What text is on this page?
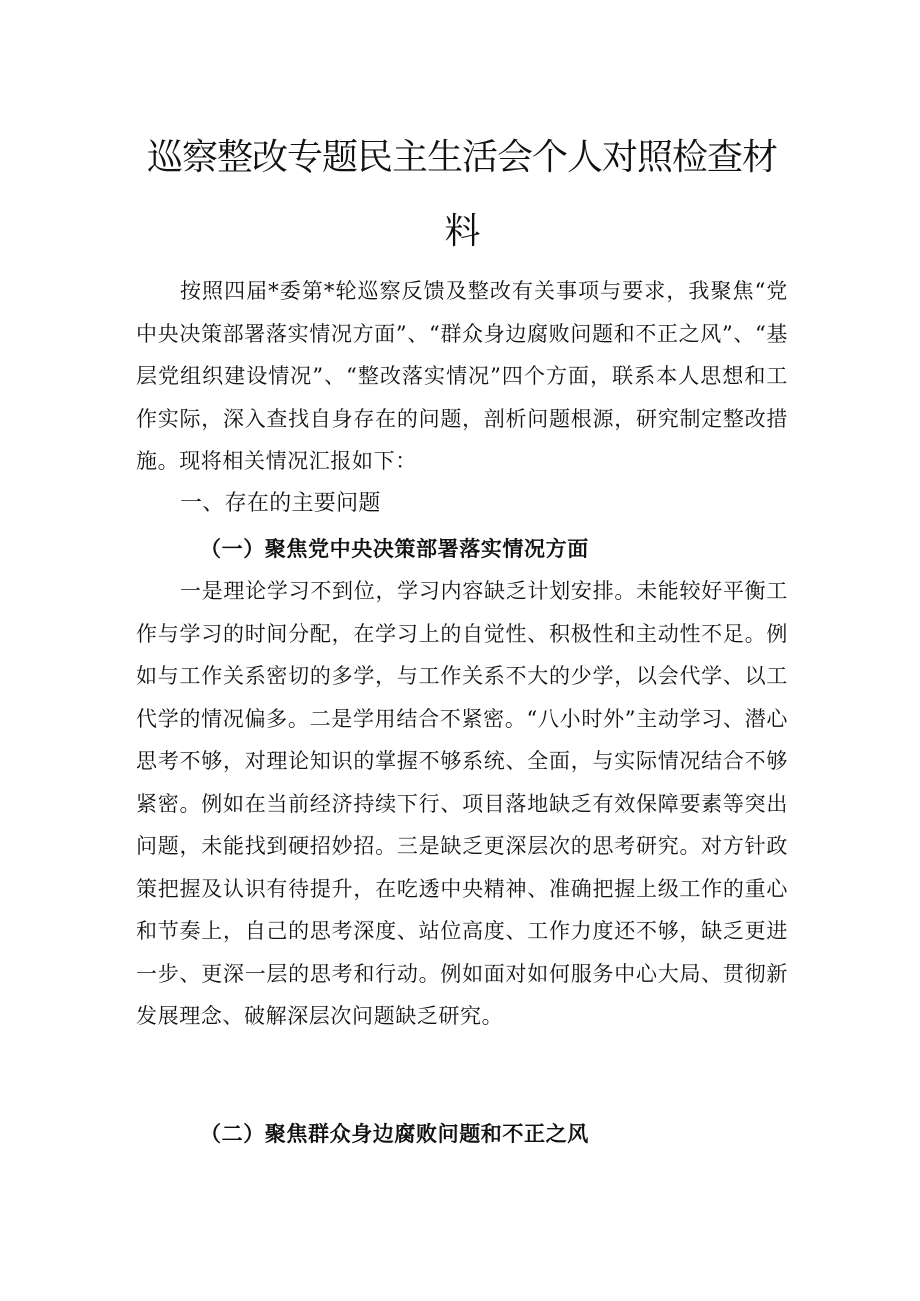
巡察整改专题民主生活会个人对照检查材
料

按照四届*委第*轮巡察反馈及整改有关事项与要求，我聚焦“党中央决策部署落实情况方面”、“群众身边腐败问题和不正之风”、“基层党组织建设情况”、“整改落实情况”四个方面，联系本人思想和工作实际，深入查找自身存在的问题，剖析问题根源，研究制定整改措施。现将相关情况汇报如下：

一、存在的主要问题
（一）聚焦党中央决策部署落实情况方面

一是理论学习不到位，学习内容缺乏计划安排。未能较好平衡工作与学习的时间分配，在学习上的自觉性、积极性和主动性不足。例如与工作关系密切的多学，与工作关系不大的少学，以会代学、以工代学的情况偏多。二是学用结合不紧密。“八小时外”主动学习、潜心思考不够，对理论知识的掌握不够系统、全面，与实际情况结合不够紧密。例如在当前经济持续下行、项目落地缺乏有效保障要素等突出问题，未能找到硬招妙招。三是缺乏更深层次的思考研究。对方针政策把握及认识有待提升，在吃透中央精神、准确把握上级工作的重心和节奏上，自己的思考深度、站位高度、工作力度还不够，缺乏更进一步、更深一层的思考和行动。例如面对如何服务中心大局、贯彻新发展理念、破解深层次问题缺乏研究。

（二）聚焦群众身边腐败问题和不正之风
